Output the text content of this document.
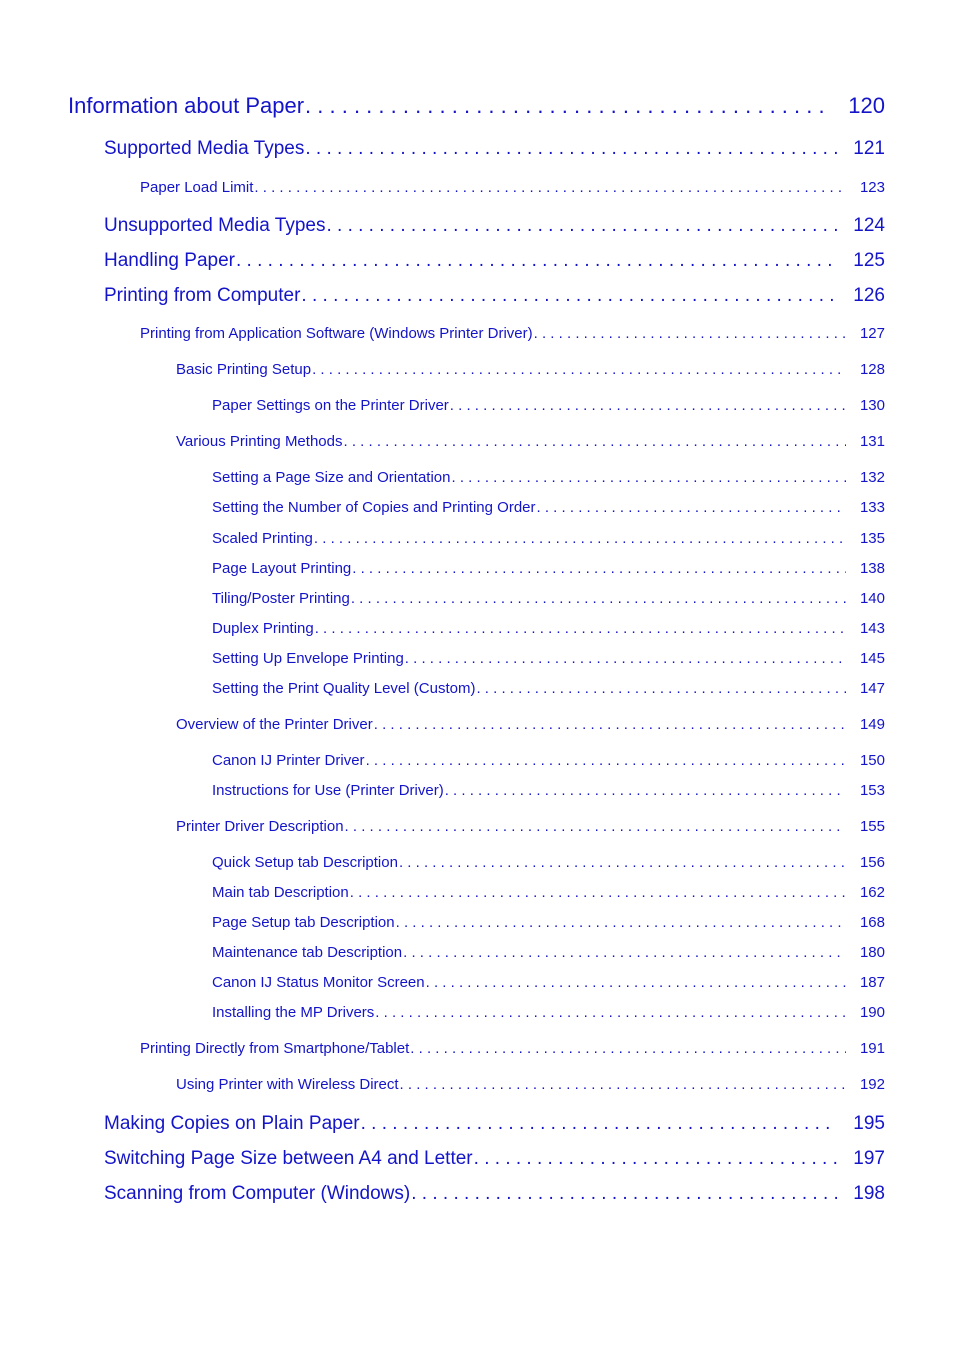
Information about Paper . . .	120
Supported Media Types . . .	121
Paper Load Limit . . .	123
Unsupported Media Types . . .	124
Handling Paper . . .	125
Printing from Computer . . .	126
Printing from Application Software (Windows Printer Driver) . . .	127
Basic Printing Setup . . .	128
Paper Settings on the Printer Driver . . .	130
Various Printing Methods . . .	131
Setting a Page Size and Orientation . . .	132
Setting the Number of Copies and Printing Order . . .	133
Scaled Printing . . .	135
Page Layout Printing . . .	138
Tiling/Poster Printing . . .	140
Duplex Printing . . .	143
Setting Up Envelope Printing . . .	145
Setting the Print Quality Level (Custom) . . .	147
Overview of the Printer Driver . . .	149
Canon IJ Printer Driver . . .	150
Instructions for Use (Printer Driver) . . .	153
Printer Driver Description . . .	155
Quick Setup tab Description . . .	156
Main tab Description . . .	162
Page Setup tab Description . . .	168
Maintenance tab Description . . .	180
Canon IJ Status Monitor Screen . . .	187
Installing the MP Drivers . . .	190
Printing Directly from Smartphone/Tablet . . .	191
Using Printer with Wireless Direct . . .	192
Making Copies on Plain Paper . . .	195
Switching Page Size between A4 and Letter . . .	197
Scanning from Computer (Windows) . . .	198
